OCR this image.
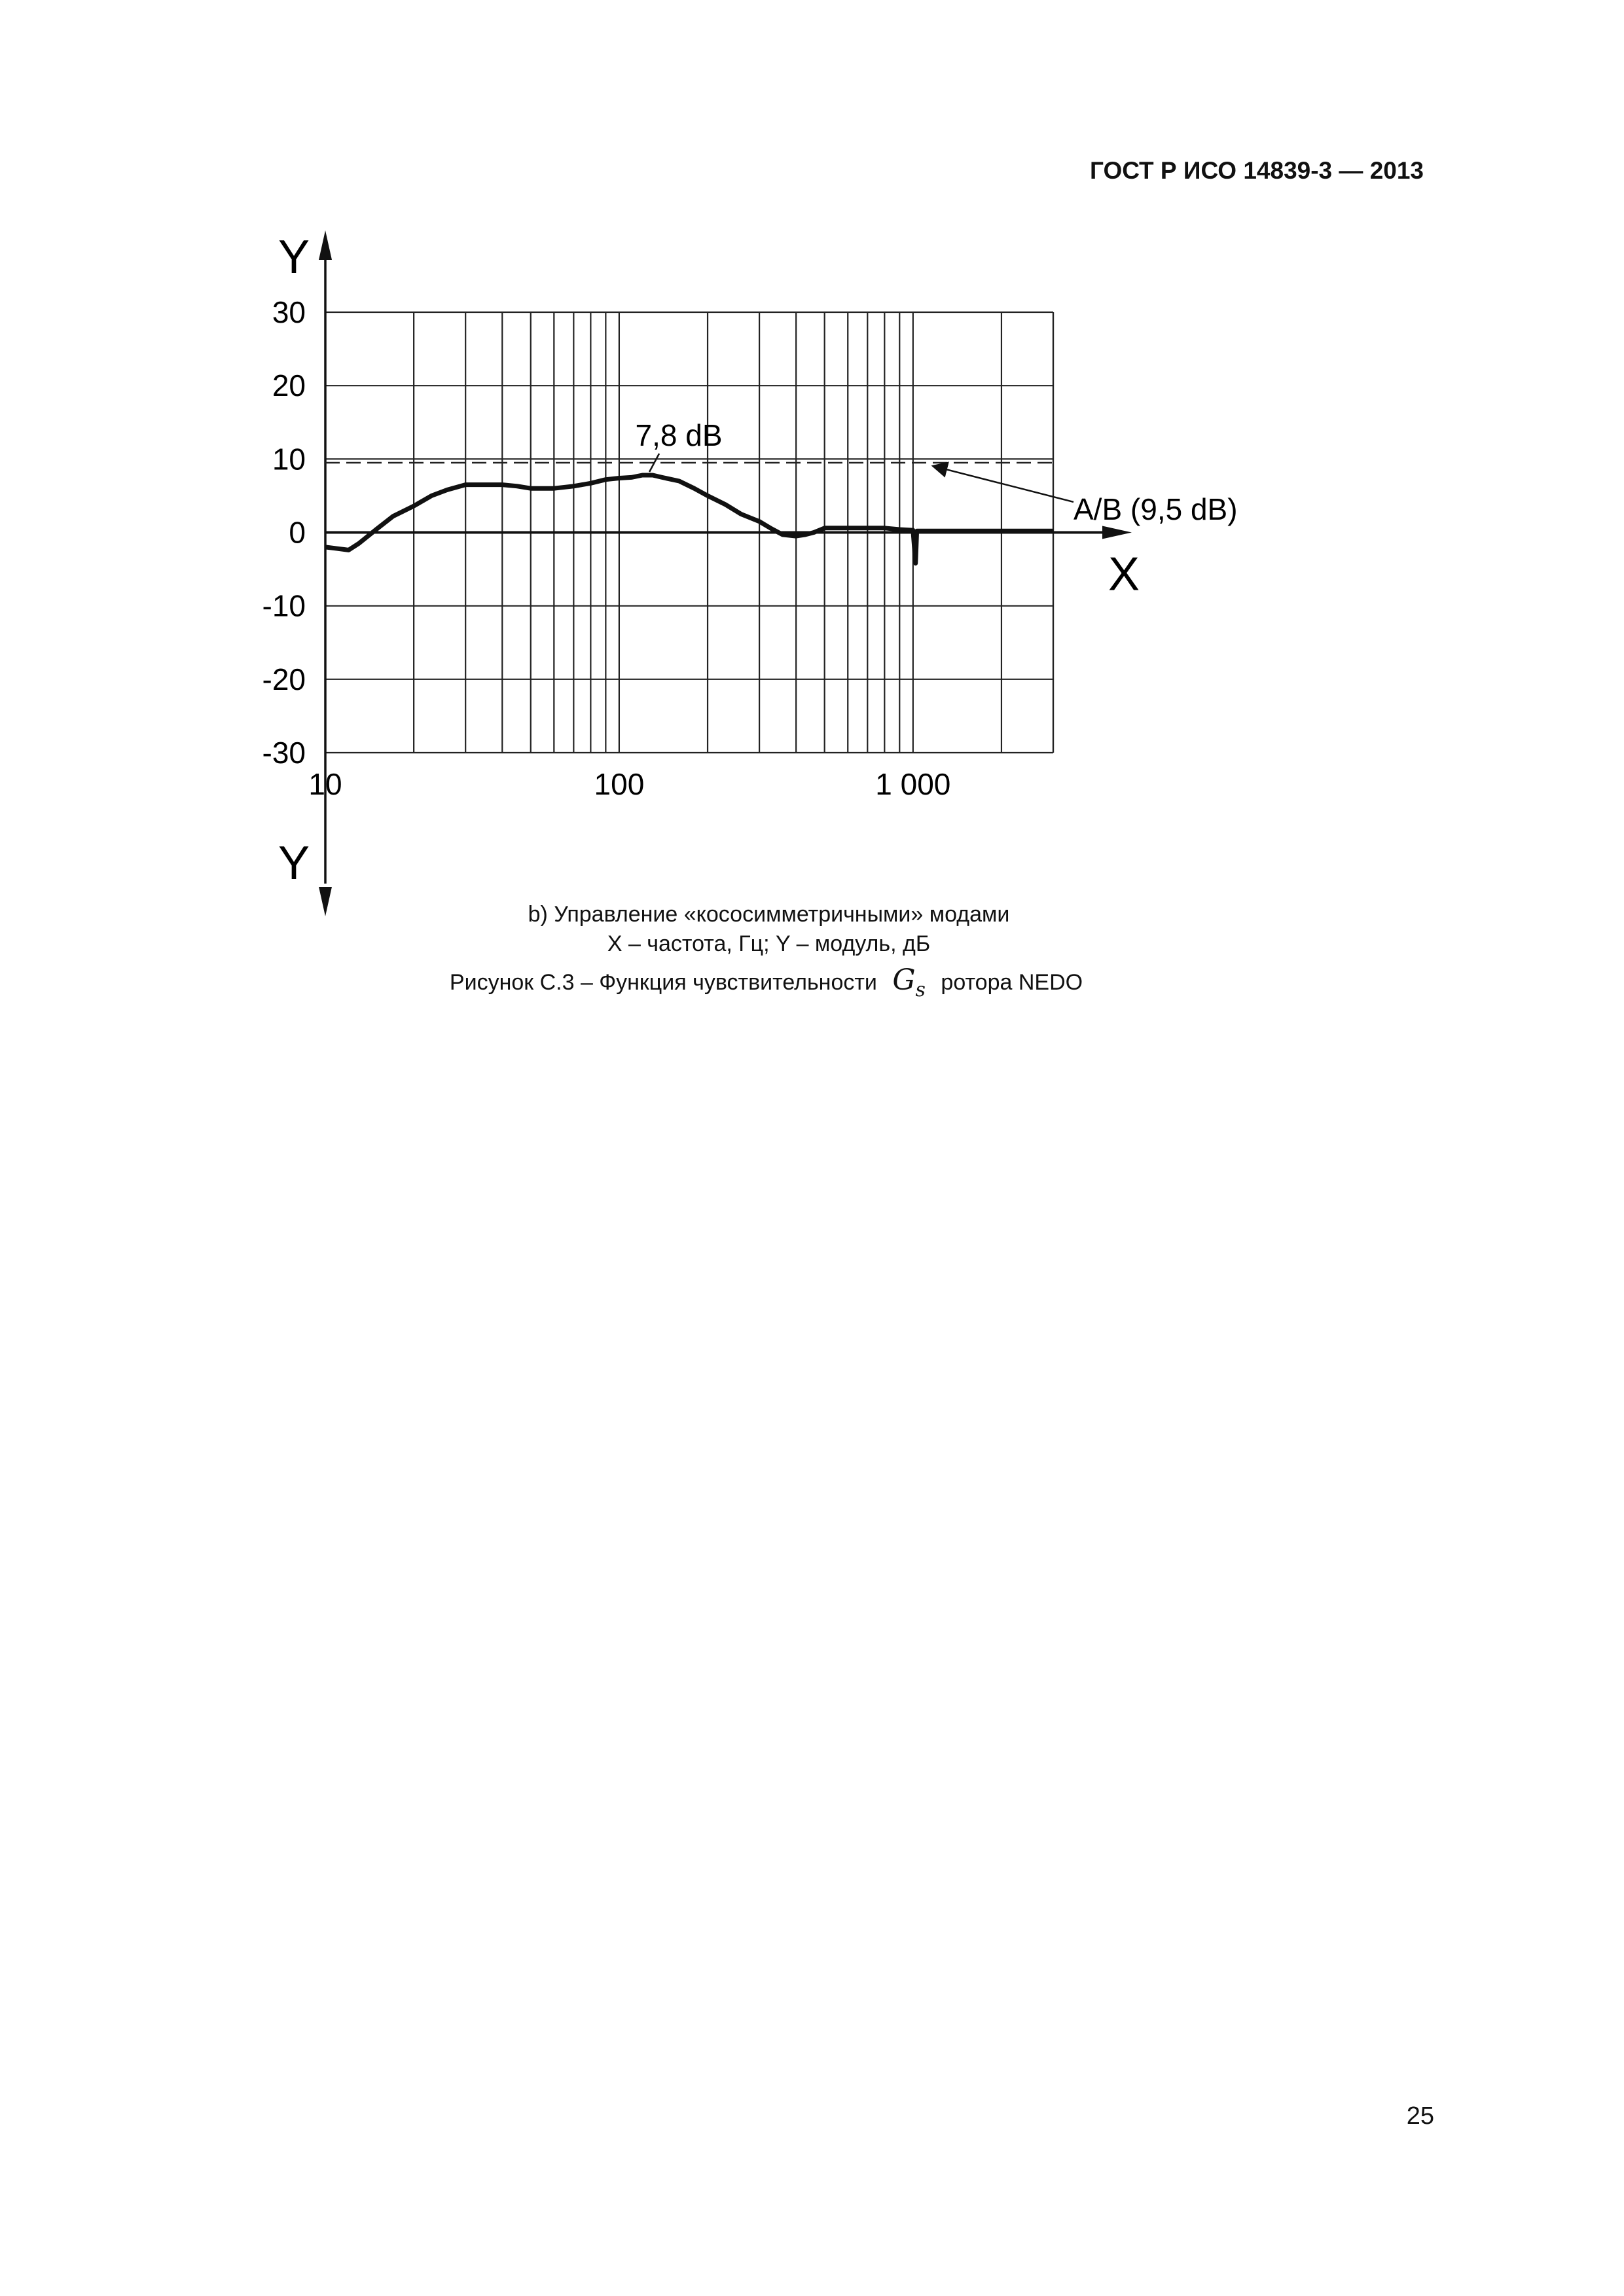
ГОСТ Р ИСО 14839-3 — 2013
Y
Y
X
30
20
10
0
-10
-20
-30
10	100	1 000
A/B (9,5 dB)
7,8 dB
b) Управление «кососимметричными» модами
X – частота, Гц; Y – модуль, дБ
Рисунок С.3 – Функция чувствительности $G_s$ ротора NEDO
25
